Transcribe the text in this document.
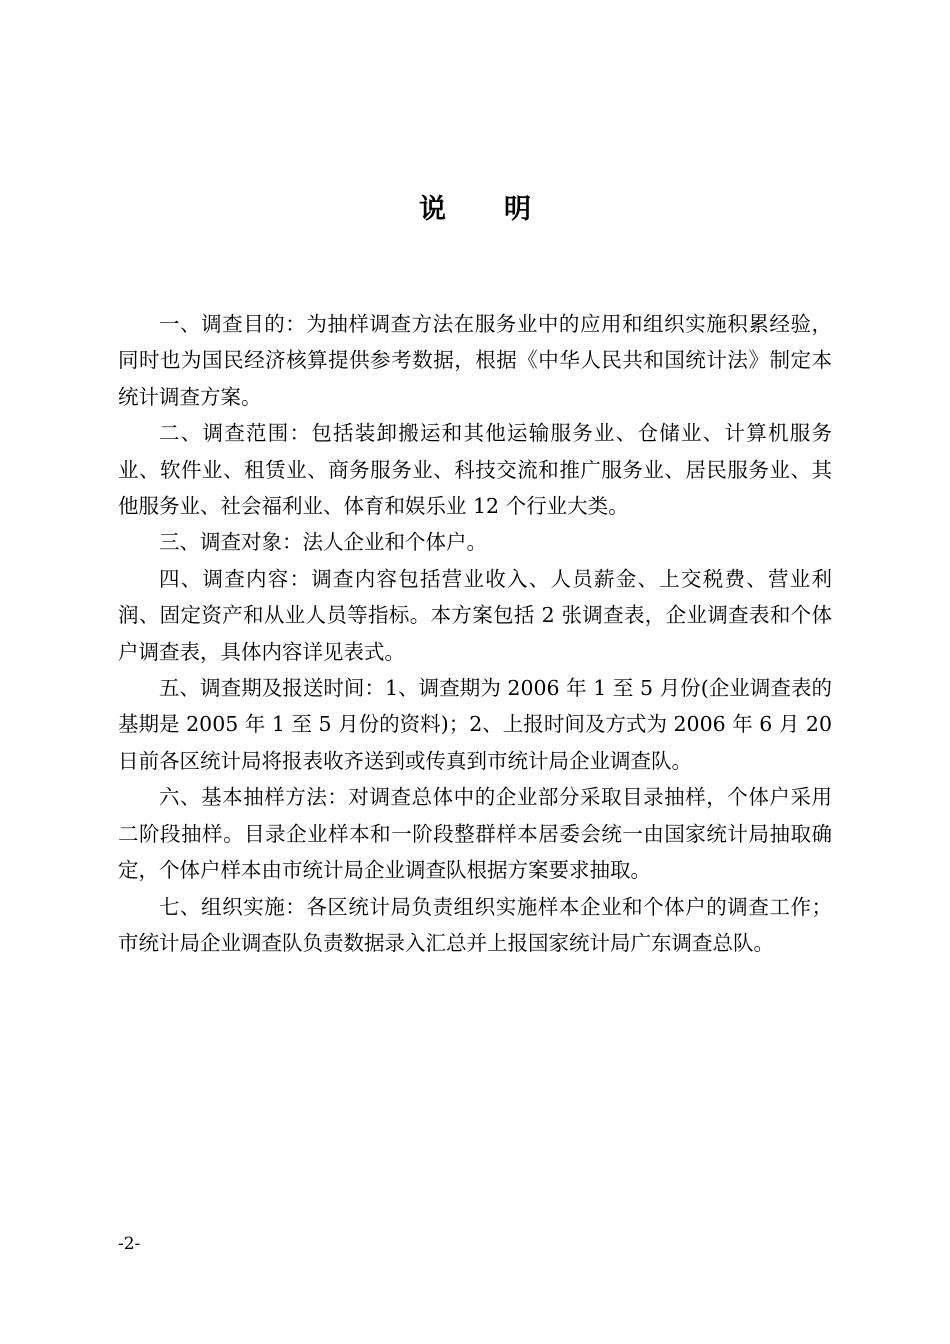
说明

一、调查目的：为抽样调查方法在服务业中的应用和组织实施积累经验，同时也为国民经济核算提供参考数据，根据《中华人民共和国统计法》制定本统计调查方案。

二、调查范围：包括装卸搬运和其他运输服务业、仓储业、计算机服务业、软件业、租赁业、商务服务业、科技交流和推广服务业、居民服务业、其他服务业、社会福利业、体育和娱乐业 12 个行业大类。

三、调查对象：法人企业和个体户。

四、调查内容：调查内容包括营业收入、人员薪金、上交税费、营业利润、固定资产和从业人员等指标。本方案包括 2 张调查表，企业调查表和个体户调查表，具体内容详见表式。

五、调查期及报送时间：1、调查期为 2006 年 1 至 5 月份(企业调查表的基期是 2005 年 1 至 5 月份的资料)；2、上报时间及方式为 2006 年 6 月 20 日前各区统计局将报表收齐送到或传真到市统计局企业调查队。

六、基本抽样方法：对调查总体中的企业部分采取目录抽样，个体户采用二阶段抽样。目录企业样本和一阶段整群样本居委会统一由国家统计局抽取确定，个体户样本由市统计局企业调查队根据方案要求抽取。

七、组织实施：各区统计局负责组织实施样本企业和个体户的调查工作；市统计局企业调查队负责数据录入汇总并上报国家统计局广东调查总队。

-2-
